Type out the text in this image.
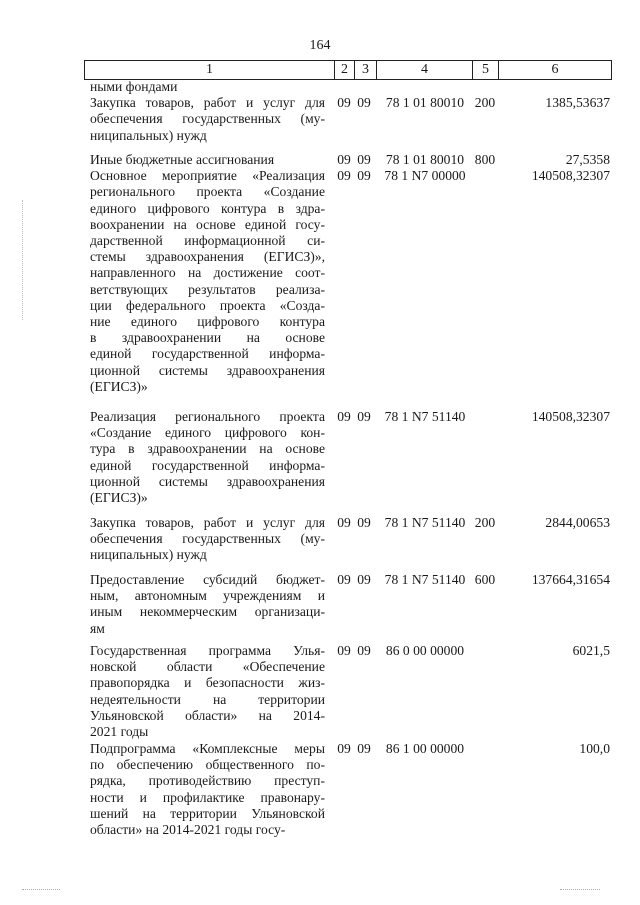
164
1	2	3	4	5	6
ными фондами
Закупка товаров, работ и услуг для
обеспечения государственных (му-
ниципальных) нужд
09 09	78 1 01 80010 200	1385,53637
Иные бюджетные ассигнования	09 09	78 1 01 80010 800	27,5358
Основное мероприятие «Реализация
регионального проекта «Создание
единого цифрового контура в здра-
воохранении на основе единой госу-
дарственной информационной си-
стемы здравоохранения (ЕГИСЗ)»,
направленного на достижение соот-
ветствующих результатов реализа-
ции федерального проекта «Созда-
ние единого цифрового контура
в здравоохранении на основе
единой государственной информа-
ционной системы здравоохранения
(ЕГИСЗ)»
09 09	78 1 N7 00000	140508,32307
Реализация регионального проекта
«Создание единого цифрового кон-
тура в здравоохранении на основе
единой государственной информа-
ционной системы здравоохранения
(ЕГИСЗ)»
09 09	78 1 N7 51140	140508,32307
Закупка товаров, работ и услуг для
обеспечения государственных (му-
ниципальных) нужд
09 09	78 1 N7 51140 200	2844,00653
Предоставление субсидий бюджет-
ным, автономным учреждениям и
иным некоммерческим организаци-
ям
09 09	78 1 N7 51140 600	137664,31654
Государственная программа Улья-
новской области «Обеспечение
правопорядка и безопасности жиз-
недеятельности на территории
Ульяновской области» на 2014-
2021 годы
09 09	86 0 00 00000	6021,5
Подпрограмма «Комплексные меры
по обеспечению общественного по-
рядка, противодействию преступ-
ности и профилактике правонару-
шений на территории Ульяновской
области» на 2014-2021 годы госу-
09 09	86 1 00 00000	100,0
